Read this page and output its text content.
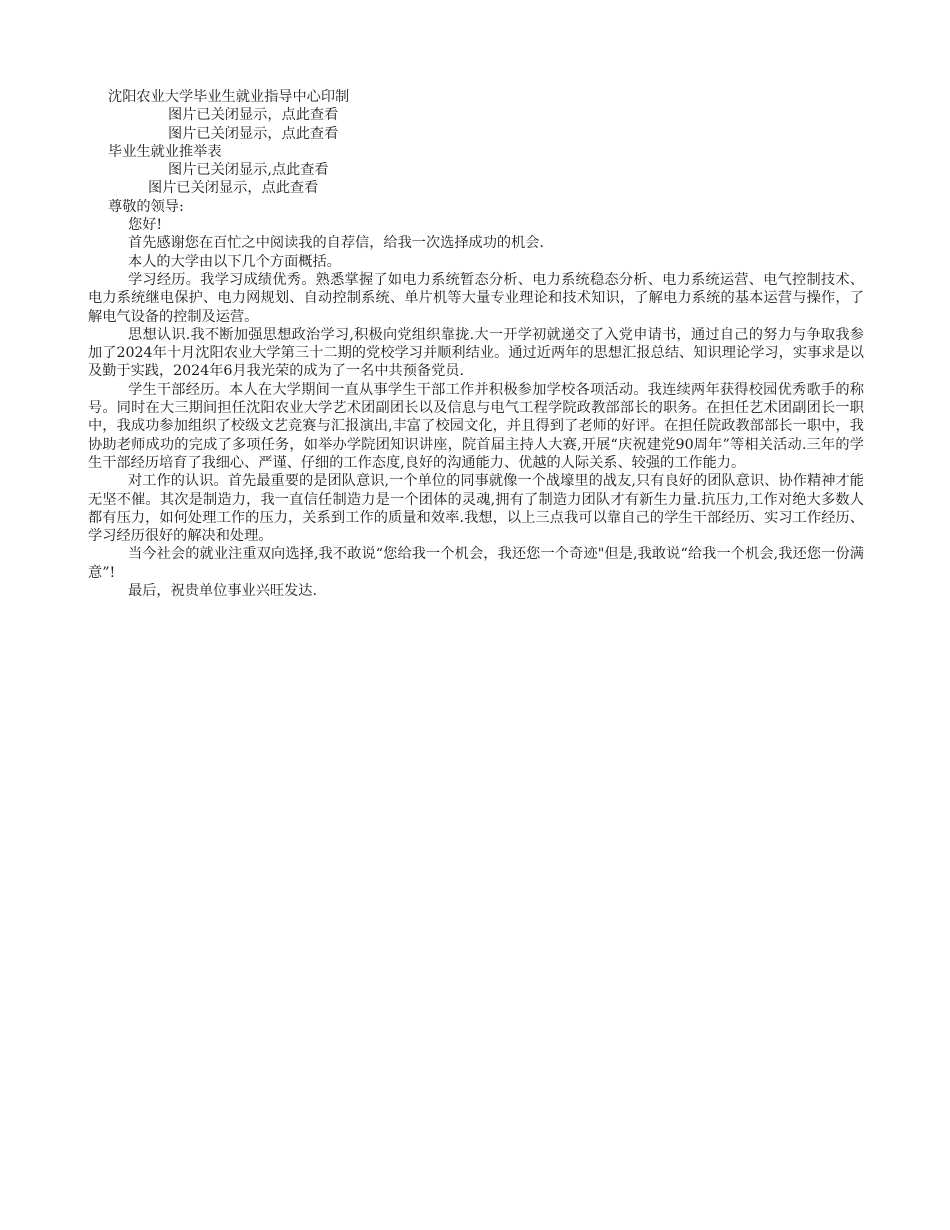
沈阳农业大学毕业生就业指导中心印制
图片已关闭显示，点此查看
图片已关闭显示，点此查看
毕业生就业推举表
图片已关闭显示,点此查看
图片已关闭显示，点此查看
尊敬的领导:
您好!
首先感谢您在百忙之中阅读我的自荐信，给我一次选择成功的机会.
本人的大学由以下几个方面概括。
学习经历。我学习成绩优秀。熟悉掌握了如电力系统暂态分析、电力系统稳态分析、电力系统运营、电气控制技术、电力系统继电保护、电力网规划、自动控制系统、单片机等大量专业理论和技术知识，了解电力系统的基本运营与操作，了解电气设备的控制及运营。
思想认识.我不断加强思想政治学习,积极向党组织靠拢.大一开学初就递交了入党申请书，通过自己的努力与争取我参加了2024年十月沈阳农业大学第三十二期的党校学习并顺利结业。通过近两年的思想汇报总结、知识理论学习，实事求是以及勤于实践，2024年6月我光荣的成为了一名中共预备党员.
学生干部经历。本人在大学期间一直从事学生干部工作并积极参加学校各项活动。我连续两年获得校园优秀歌手的称号。同时在大三期间担任沈阳农业大学艺术团副团长以及信息与电气工程学院政教部部长的职务。在担任艺术团副团长一职中，我成功参加组织了校级文艺竞赛与汇报演出,丰富了校园文化，并且得到了老师的好评。在担任院政教部部长一职中，我协助老师成功的完成了多项任务，如举办学院团知识讲座，院首届主持人大赛,开展“庆祝建党90周年”等相关活动.三年的学生干部经历培育了我细心、严谨、仔细的工作态度,良好的沟通能力、优越的人际关系、较强的工作能力。
对工作的认识。首先最重要的是团队意识,一个单位的同事就像一个战壕里的战友,只有良好的团队意识、协作精神才能无坚不催。其次是制造力，我一直信任制造力是一个团体的灵魂,拥有了制造力团队才有新生力量.抗压力,工作对绝大多数人都有压力，如何处理工作的压力，关系到工作的质量和效率.我想，以上三点我可以靠自己的学生干部经历、实习工作经历、学习经历很好的解决和处理。
当今社会的就业注重双向选择,我不敢说“您给我一个机会，我还您一个奇迹"但是,我敢说“给我一个机会,我还您一份满意”!
最后，祝贵单位事业兴旺发达.
